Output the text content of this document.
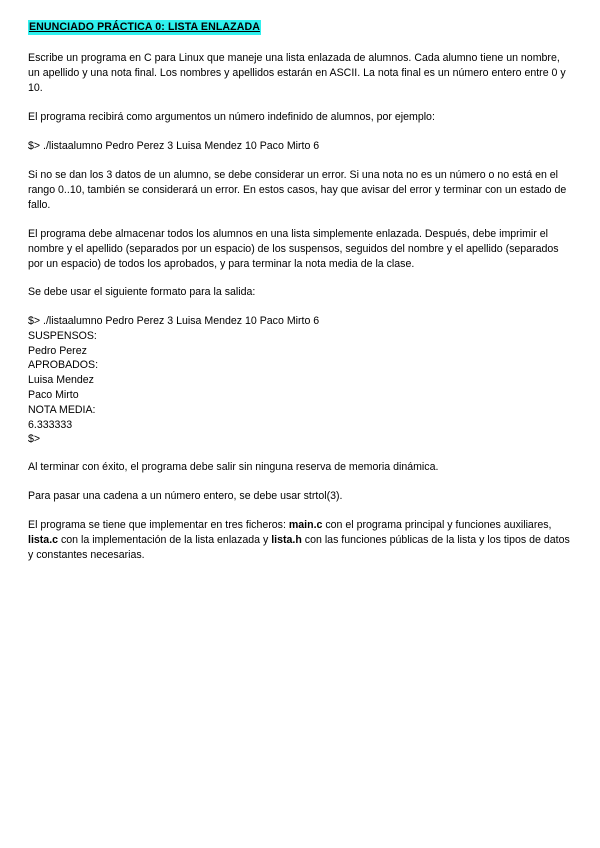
ENUNCIADO PRÁCTICA 0: LISTA ENLAZADA

Escribe un programa en C para Linux que maneje una lista enlazada de alumnos. Cada alumno tiene un nombre, un apellido y una nota final. Los nombres y apellidos estarán en ASCII. La nota final es un número entero entre 0 y 10.

El programa recibirá como argumentos un número indefinido de alumnos, por ejemplo:

$> ./listaalumno Pedro Perez 3 Luisa Mendez 10 Paco Mirto 6

Si no se dan los 3 datos de un alumno, se debe considerar un error. Si una nota no es un número o no está en el rango 0..10, también se considerará un error. En estos casos, hay que avisar del error y terminar con un estado de fallo.

El programa debe almacenar todos los alumnos en una lista simplemente enlazada. Después, debe imprimir el nombre y el apellido (separados por un espacio) de los suspensos, seguidos del nombre y el apellido (separados por un espacio) de todos los aprobados, y para terminar la nota media de la clase.

Se debe usar el siguiente formato para la salida:

$> ./listaalumno Pedro Perez 3 Luisa Mendez 10 Paco Mirto 6
SUSPENSOS:
Pedro Perez
APROBADOS:
Luisa Mendez
Paco Mirto
NOTA MEDIA:
6.333333
$>

Al terminar con éxito, el programa debe salir sin ninguna reserva de memoria dinámica.

Para pasar una cadena a un número entero, se debe usar strtol(3).

El programa se tiene que implementar en tres ficheros: main.c con el programa principal y funciones auxiliares, lista.c con la implementación de la lista enlazada y lista.h con las funciones públicas de la lista y los tipos de datos y constantes necesarias.
